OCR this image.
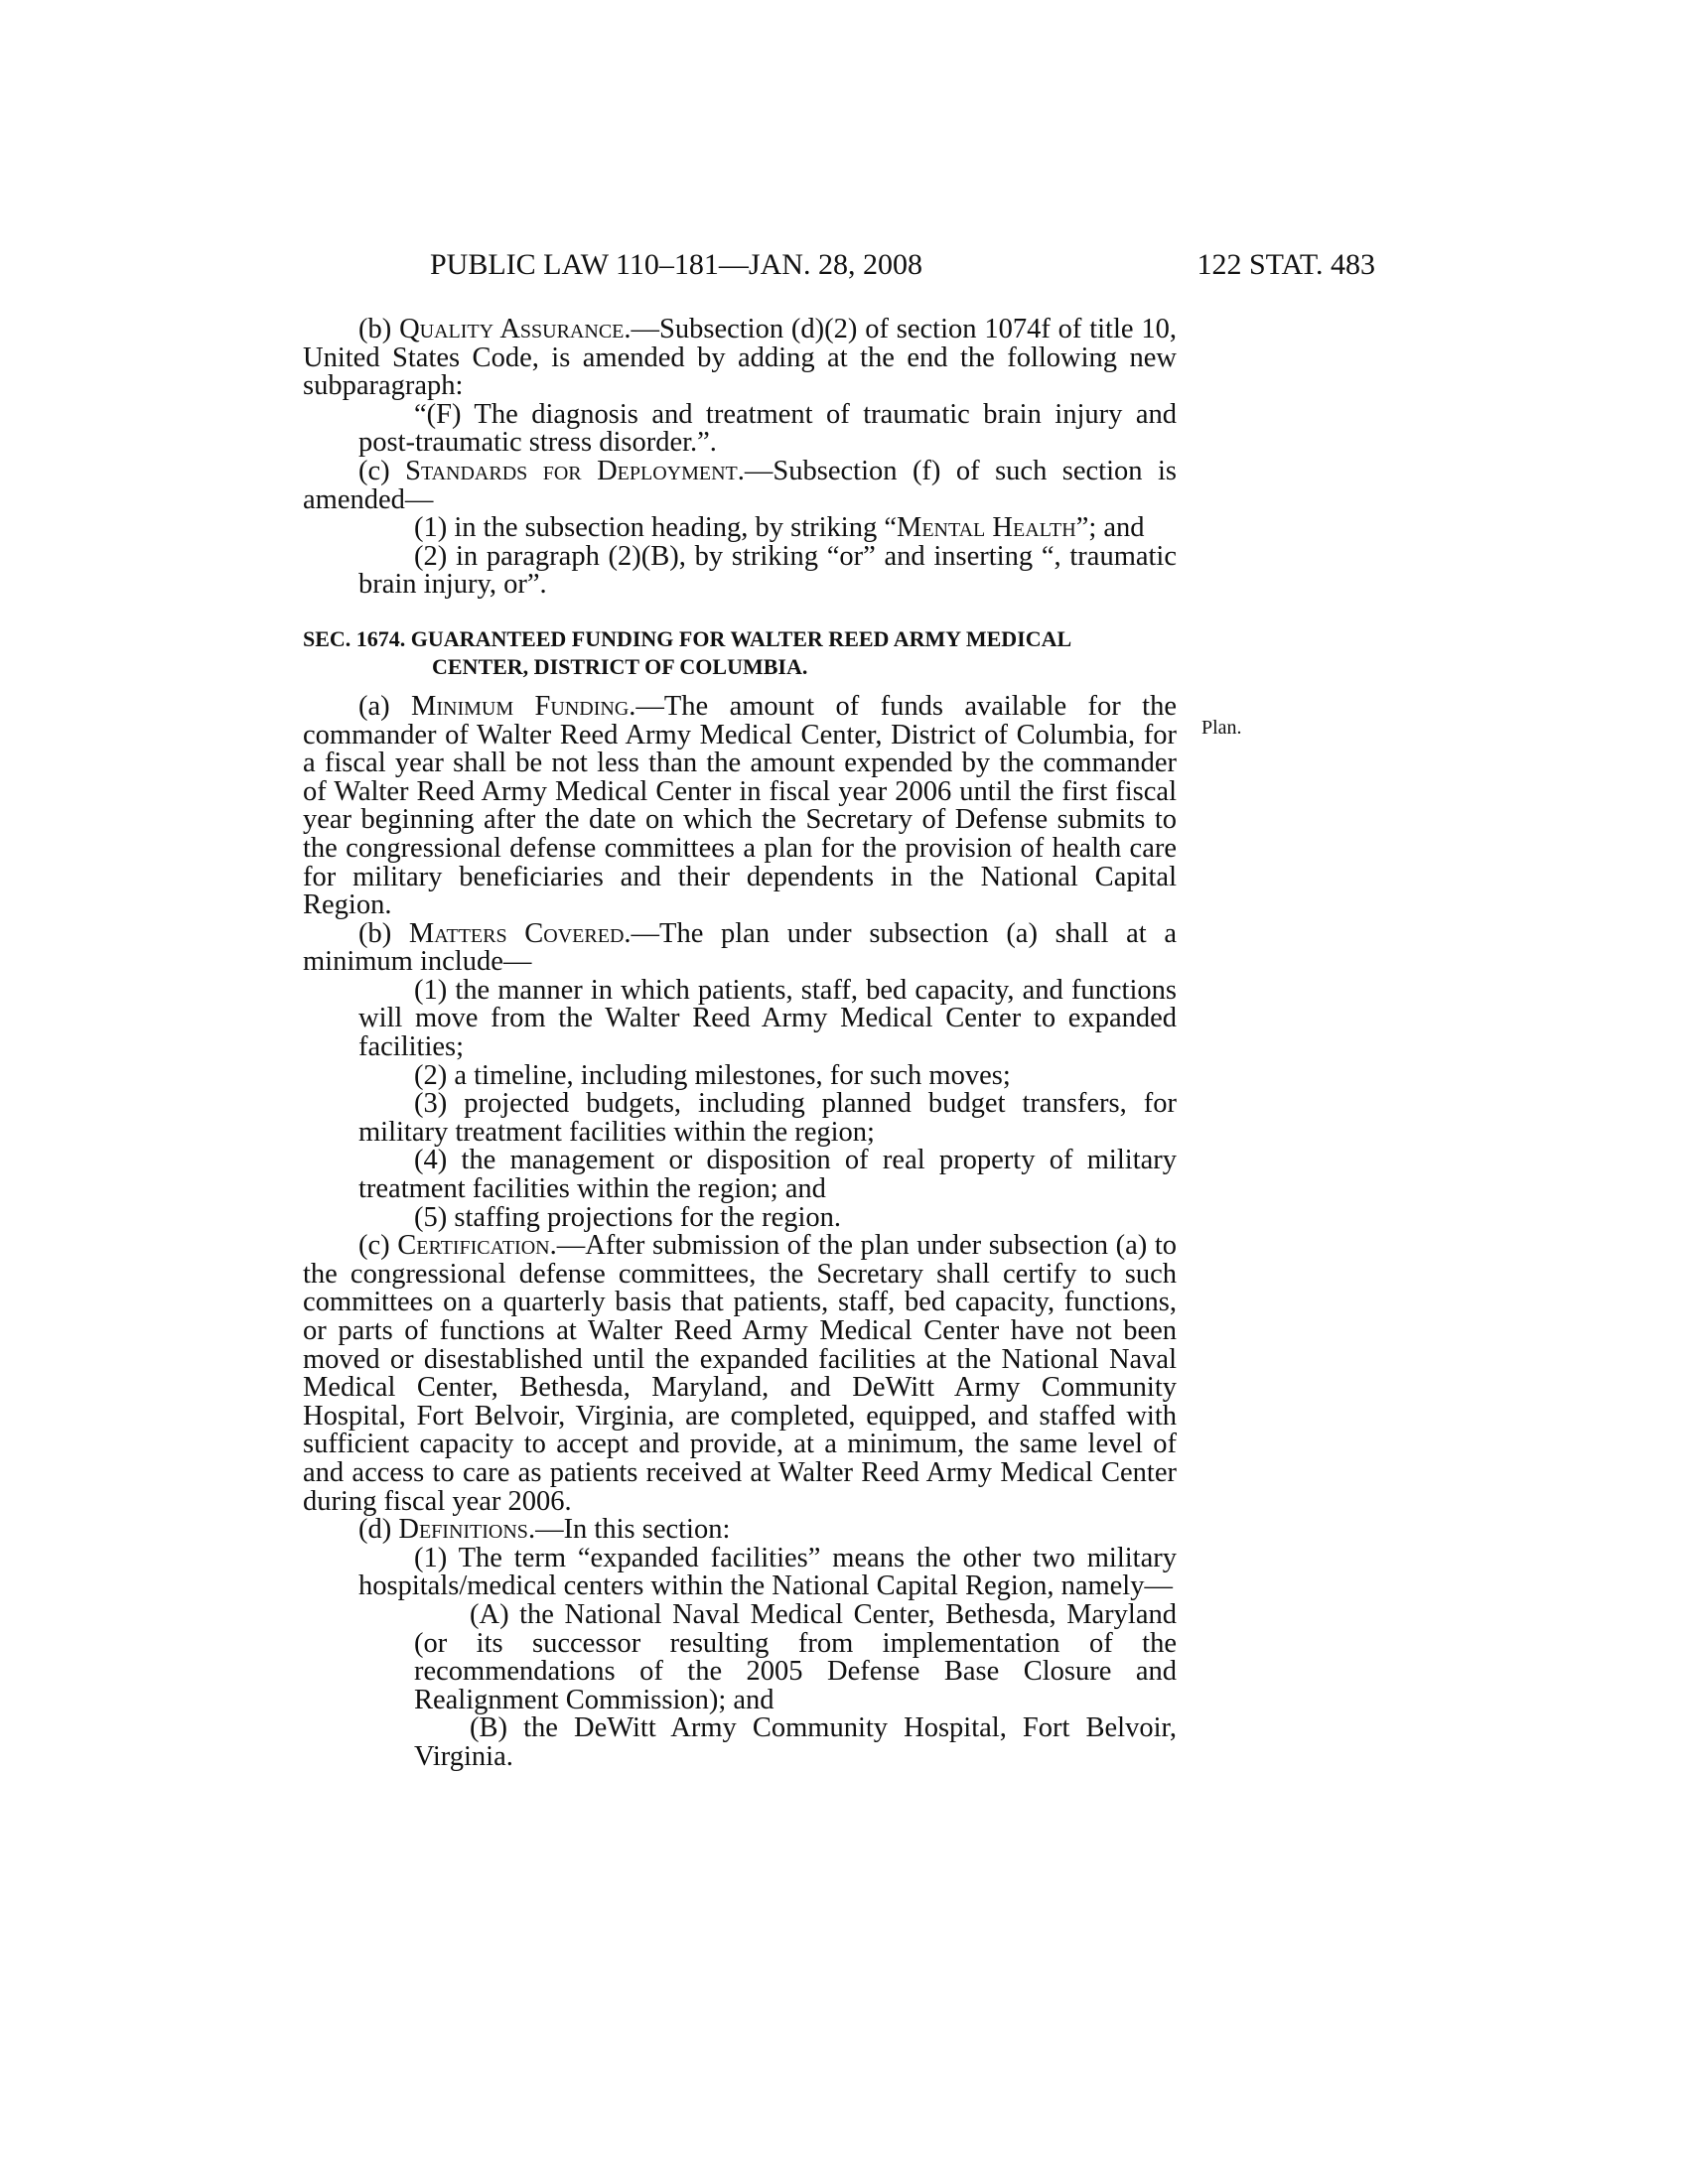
PUBLIC LAW 110–181—JAN. 28, 2008	122 STAT. 483
Plan.

(b) Quality Assurance.—Subsection (d)(2) of section 1074f of title 10, United States Code, is amended by adding at the end the following new subparagraph:

“(F) The diagnosis and treatment of traumatic brain injury and post-traumatic stress disorder.”.

(c) Standards for Deployment.—Subsection (f) of such section is amended—

(1) in the subsection heading, by striking “Mental Health”; and

(2) in paragraph (2)(B), by striking “or” and inserting “, traumatic brain injury, or”.

SEC. 1674. GUARANTEED FUNDING FOR WALTER REED ARMY MEDICAL
CENTER, DISTRICT OF COLUMBIA.

(a) Minimum Funding.—The amount of funds available for the commander of Walter Reed Army Medical Center, District of Columbia, for a fiscal year shall be not less than the amount expended by the commander of Walter Reed Army Medical Center in fiscal year 2006 until the first fiscal year beginning after the date on which the Secretary of Defense submits to the congressional defense committees a plan for the provision of health care for military beneficiaries and their dependents in the National Capital Region.

(b) Matters Covered.—The plan under subsection (a) shall at a minimum include—

(1) the manner in which patients, staff, bed capacity, and functions will move from the Walter Reed Army Medical Center to expanded facilities;

(2) a timeline, including milestones, for such moves;

(3) projected budgets, including planned budget transfers, for military treatment facilities within the region;

(4) the management or disposition of real property of military treatment facilities within the region; and

(5) staffing projections for the region.

(c) Certification.—After submission of the plan under subsection (a) to the congressional defense committees, the Secretary shall certify to such committees on a quarterly basis that patients, staff, bed capacity, functions, or parts of functions at Walter Reed Army Medical Center have not been moved or disestablished until the expanded facilities at the National Naval Medical Center, Bethesda, Maryland, and DeWitt Army Community Hospital, Fort Belvoir, Virginia, are completed, equipped, and staffed with sufficient capacity to accept and provide, at a minimum, the same level of and access to care as patients received at Walter Reed Army Medical Center during fiscal year 2006.

(d) Definitions.—In this section:

(1) The term “expanded facilities” means the other two military hospitals/medical centers within the National Capital Region, namely—

(A) the National Naval Medical Center, Bethesda, Maryland (or its successor resulting from implementation of the recommendations of the 2005 Defense Base Closure and Realignment Commission); and

(B) the DeWitt Army Community Hospital, Fort Belvoir, Virginia.
